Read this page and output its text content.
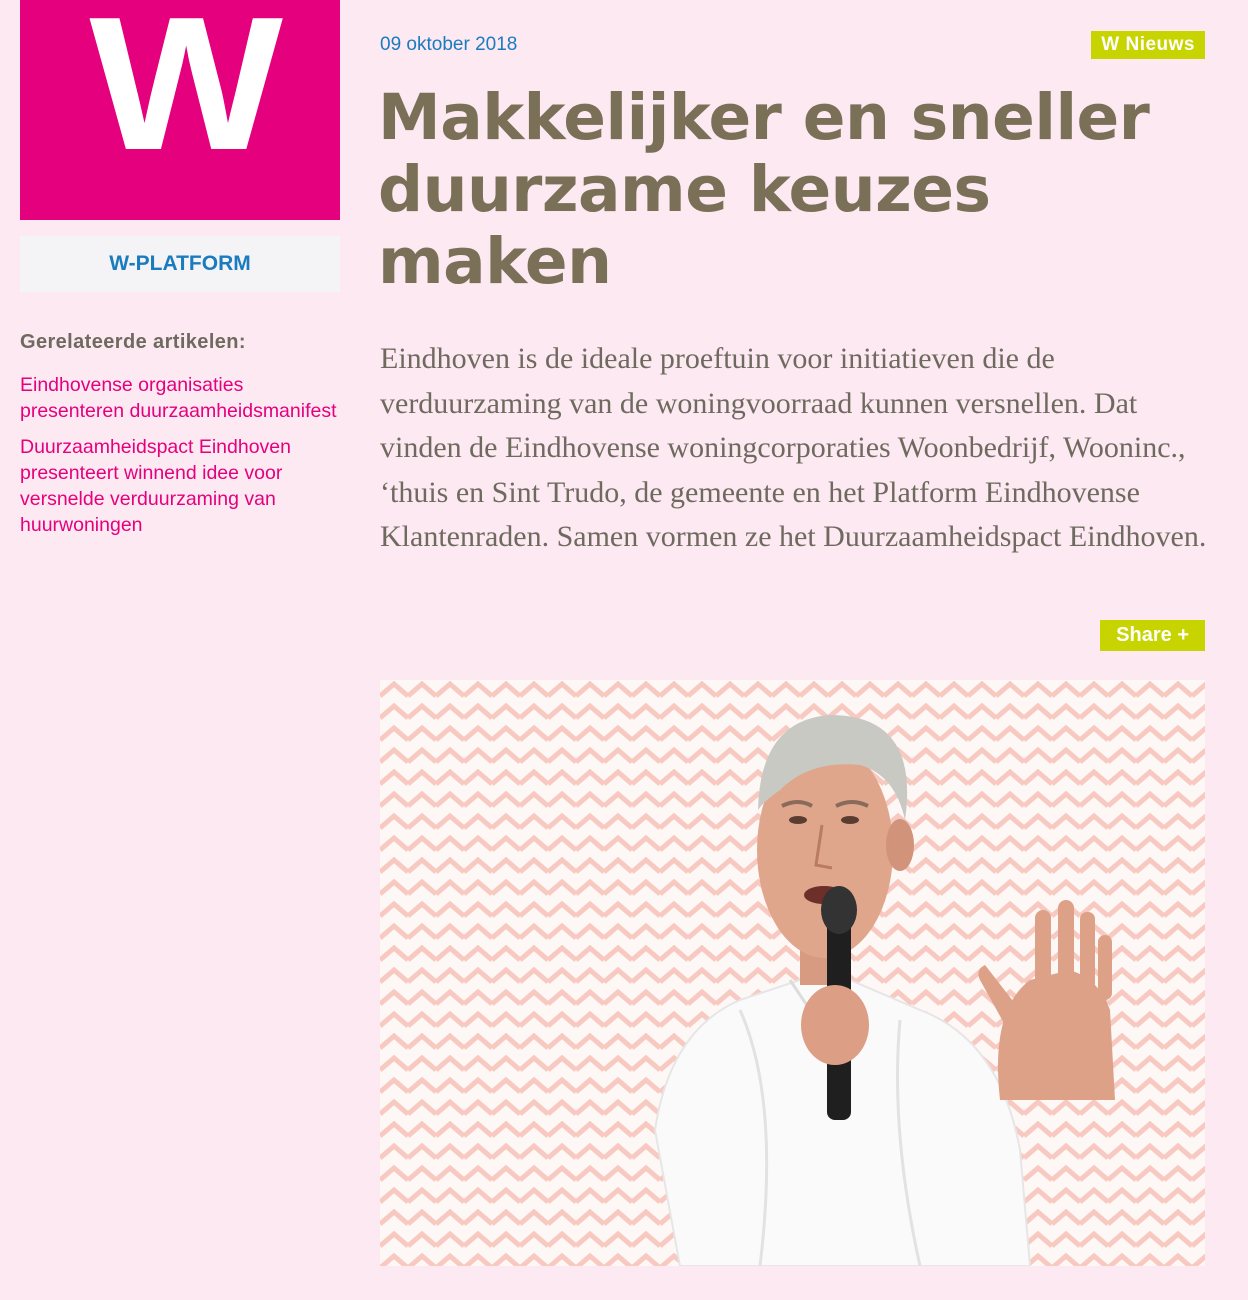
W
W-PLATFORM
Gerelateerde artikelen:
Eindhovense organisaties presenteren duurzaamheidsmanifest
Duurzaamheidspact Eindhoven presenteert winnend idee voor versnelde verduurzaming van huurwoningen
09 oktober 2018	W Nieuws
Makkelijker en sneller duurzame keuzes maken

Eindhoven is de ideale proeftuin voor initiatieven die de verduurzaming van de woningvoorraad kunnen versnellen. Dat vinden de Eindhovense woningcorporaties Woonbedrijf, Wooninc., ‘thuis en Sint Trudo, de gemeente en het Platform Eindhovense Klantenraden. Samen vormen ze het Duurzaamheidspact Eindhoven.

Share +
